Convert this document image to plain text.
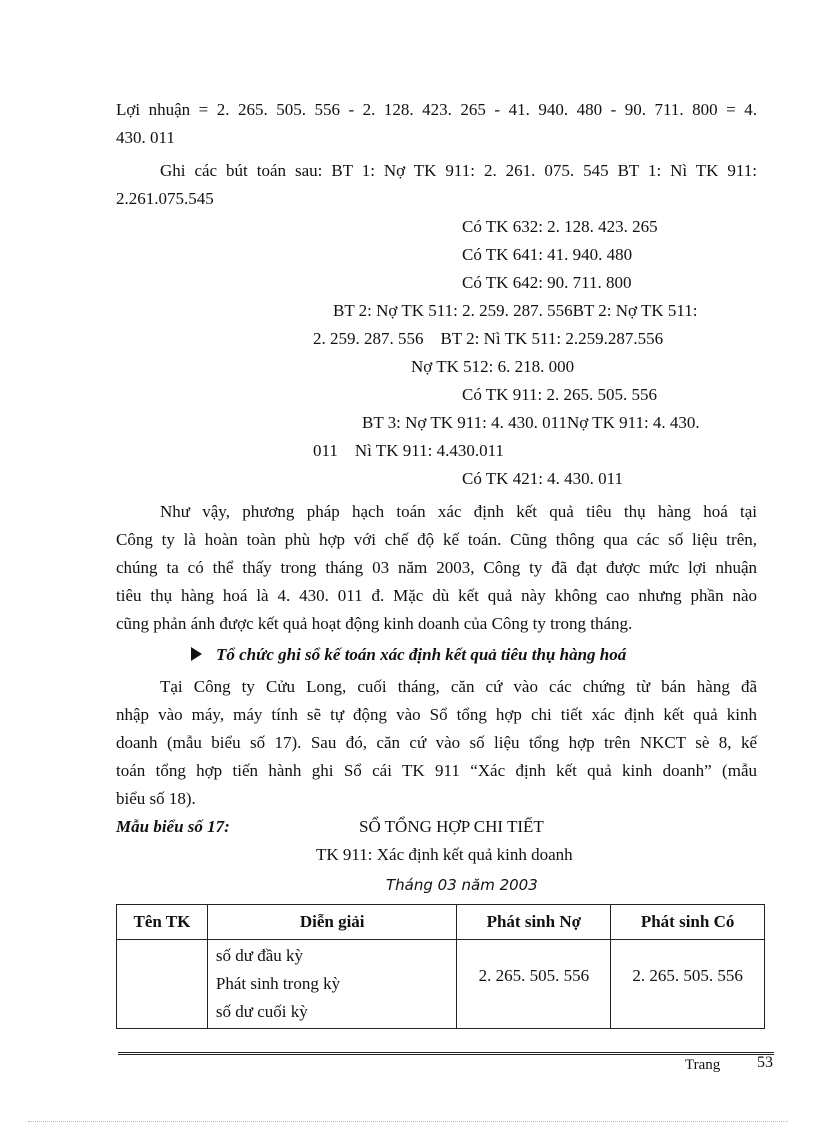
Lợi nhuận = 2. 265. 505. 556 - 2. 128. 423. 265 - 41. 940. 480 - 90. 711. 800 = 4.
430. 011
Ghi các bút toán sau: BT 1: Nợ TK 911: 2. 261. 075. 545 BT 1: Nì TK 911:
2.261.075.545
Có TK 632: 2. 128. 423. 265
Có TK 641: 41. 940. 480
Có TK 642: 90. 711. 800
BT 2: Nợ TK 511: 2. 259. 287. 556BT 2: Nợ TK 511:
2. 259. 287. 556    BT 2: Nì TK 511: 2.259.287.556
Nợ TK 512: 6. 218. 000
Có TK 911: 2. 265. 505. 556
BT 3: Nợ TK 911: 4. 430. 011Nợ TK 911: 4. 430.
011    Nì TK 911: 4.430.011
Có TK 421: 4. 430. 011
Như vậy, phương pháp hạch toán xác định kết quả tiêu thụ hàng hoá tại
Công ty là hoàn toàn phù hợp với chế độ kế toán. Cũng thông qua các số liệu trên,
chúng ta có thể thấy trong tháng 03 năm 2003, Công ty đã đạt được mức lợi nhuận
tiêu thụ hàng hoá là 4. 430. 011 đ. Mặc dù kết quả này không cao nhưng phần nào
cũng phản ánh được kết quả hoạt động kinh doanh của Công ty trong tháng.
Tổ chức ghi sổ kế toán xác định kết quả tiêu thụ hàng hoá
Tại Công ty Cửu Long, cuối tháng, căn cứ vào các chứng từ bán hàng đã
nhập vào máy, máy tính sẽ tự động vào Sổ tổng hợp chi tiết xác định kết quả kinh
doanh (mẫu biểu số 17). Sau đó, căn cứ vào số liệu tổng hợp trên NKCT sè 8, kế
toán tổng hợp tiến hành ghi Sổ cái TK 911 “Xác định kết quả kinh doanh” (mẫu
biểu số 18).
Mẫu biểu số 17:	SỔ TỔNG HỢP CHI TIẾT
TK 911: Xác định kết quả kinh doanh
Tháng 03 năm 2003
Tên TK	Diễn giải	Phát sinh Nợ	Phát sinh Có

	số dư đầu kỳ
Phát sinh trong kỳ
số dư cuối kỳ	2. 265. 505. 556	2. 265. 505. 556
Trang 53
